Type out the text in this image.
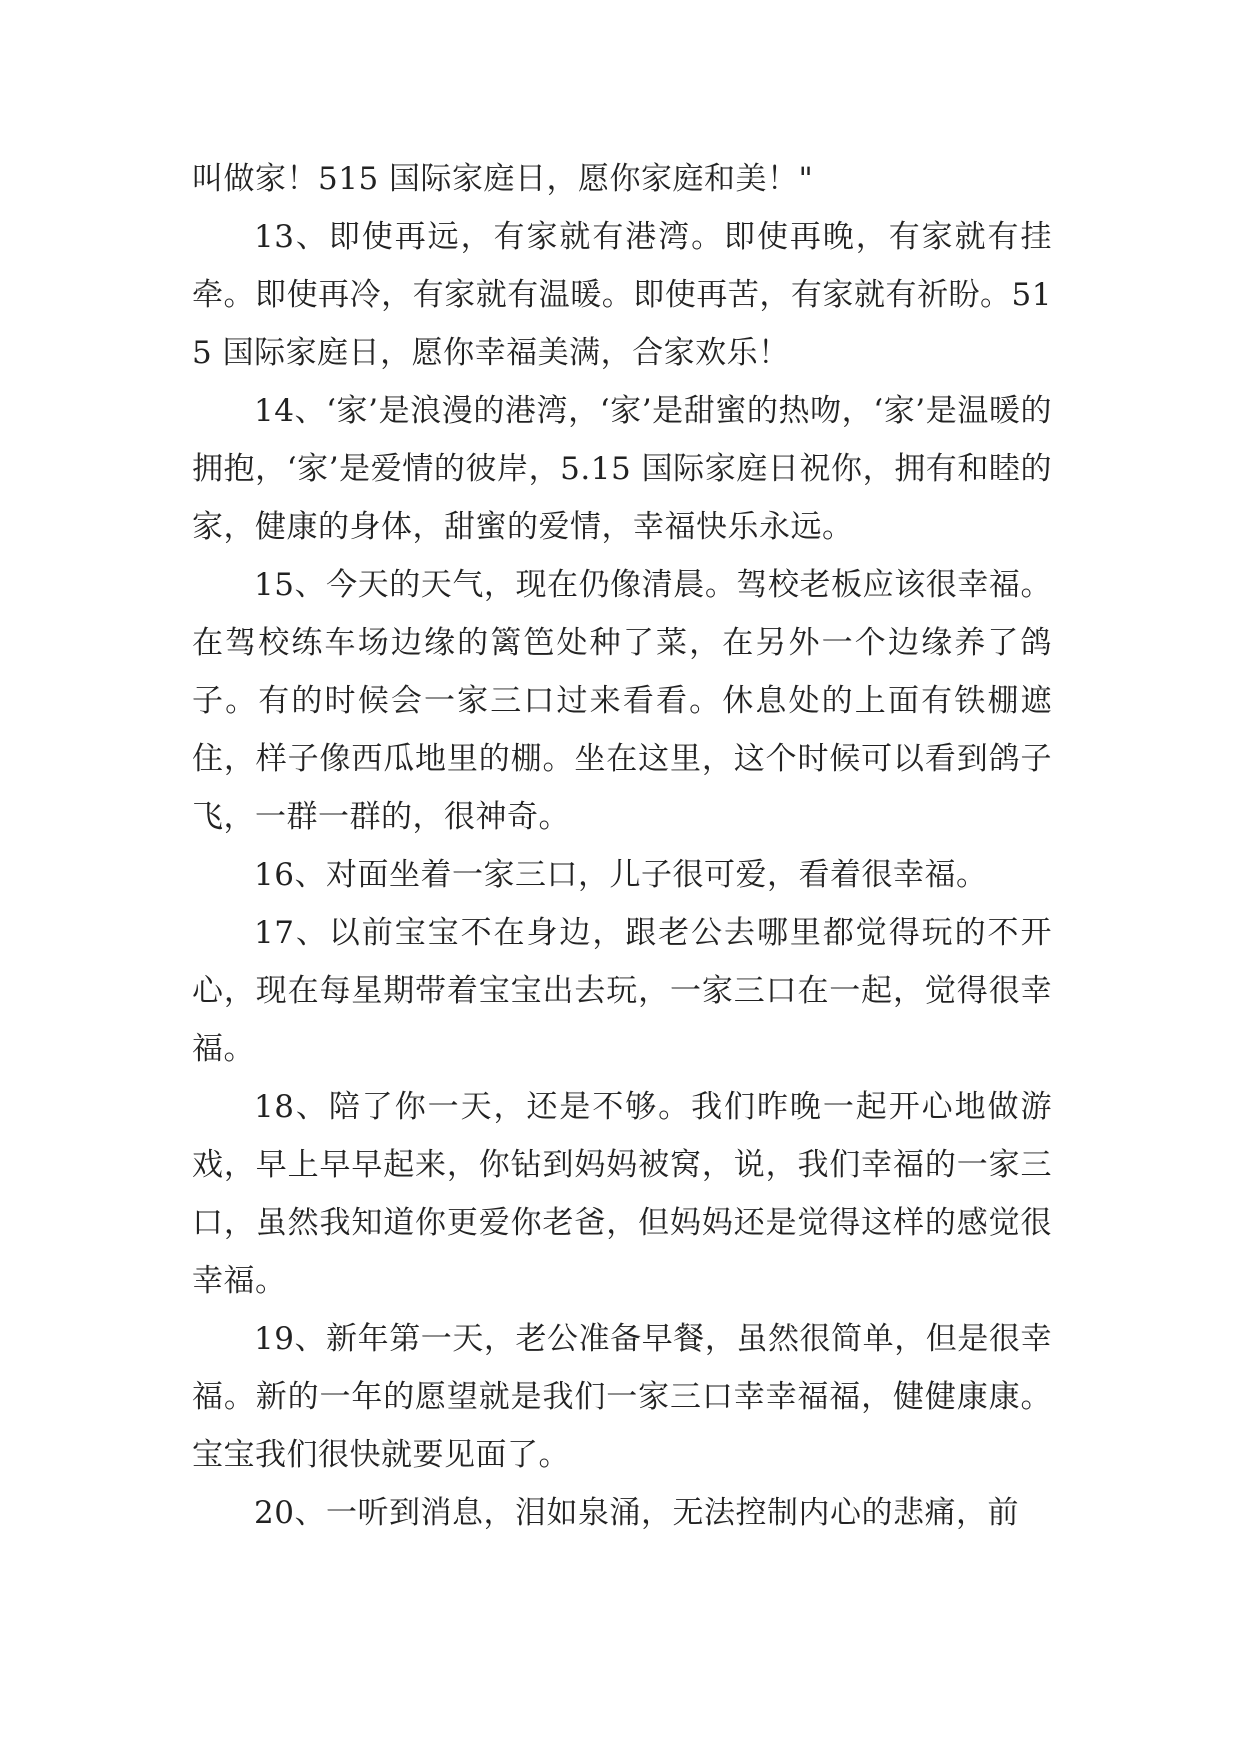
叫做家！515 国际家庭日，愿你家庭和美！"

13、即使再远，有家就有港湾。即使再晚，有家就有挂牵。即使再冷，有家就有温暖。即使再苦，有家就有祈盼。515 国际家庭日，愿你幸福美满，合家欢乐！

14、‘家’是浪漫的港湾，‘家’是甜蜜的热吻，‘家’是温暖的拥抱，‘家’是爱情的彼岸，5.15 国际家庭日祝你，拥有和睦的家，健康的身体，甜蜜的爱情，幸福快乐永远。

15、今天的天气，现在仍像清晨。驾校老板应该很幸福。在驾校练车场边缘的篱笆处种了菜，在另外一个边缘养了鸽子。有的时候会一家三口过来看看。休息处的上面有铁棚遮住，样子像西瓜地里的棚。坐在这里，这个时候可以看到鸽子飞，一群一群的，很神奇。

16、对面坐着一家三口，儿子很可爱，看着很幸福。

17、以前宝宝不在身边，跟老公去哪里都觉得玩的不开心，现在每星期带着宝宝出去玩，一家三口在一起，觉得很幸福。

18、陪了你一天，还是不够。我们昨晚一起开心地做游戏，早上早早起来，你钻到妈妈被窝，说，我们幸福的一家三口，虽然我知道你更爱你老爸，但妈妈还是觉得这样的感觉很幸福。

19、新年第一天，老公准备早餐，虽然很简单，但是很幸福。新的一年的愿望就是我们一家三口幸幸福福，健健康康。宝宝我们很快就要见面了。

20、一听到消息，泪如泉涌，无法控制内心的悲痛，前
